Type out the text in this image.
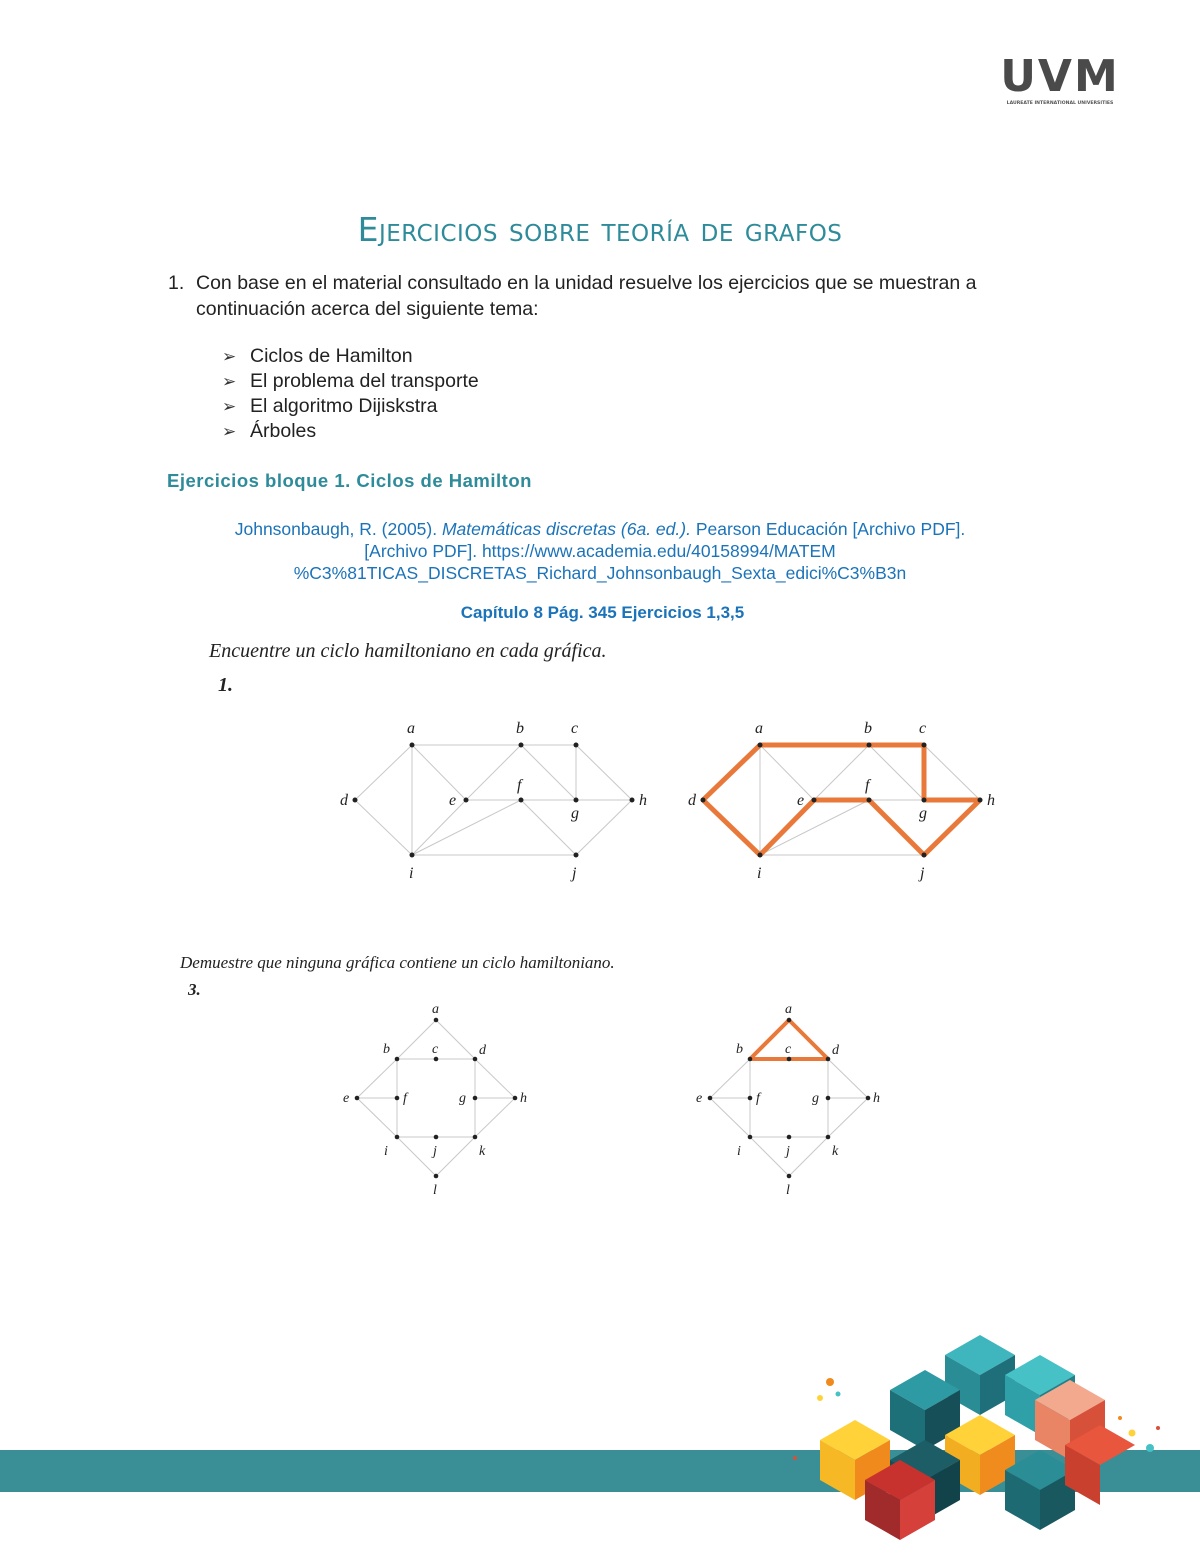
UVM
LAUREATE INTERNATIONAL UNIVERSITIES
Ejercicios sobre teoría de grafos
1. Con base en el material consultado en la unidad resuelve los ejercicios que se muestran a continuación acerca del siguiente tema:
➢ Ciclos de Hamilton
➢ El problema del transporte
➢ El algoritmo Dijiskstra
➢ Árboles
Ejercicios bloque 1. Ciclos de Hamilton
Johnsonbaugh, R. (2005). Matemáticas discretas (6a. ed.). Pearson Educación [Archivo PDF].
[Archivo PDF]. https://www.academia.edu/40158994/MATEM
%C3%81TICAS_DISCRETAS_Richard_Johnsonbaugh_Sexta_edici%C3%B3n
Capítulo 8 Pág. 345 Ejercicios 1,3,5
Encuentre un ciclo hamiltoniano en cada gráfica.
1.
a	b	c
d	e
f
g
h
i	j
a	b	c
d	e
f
g
h
i	j
Demuestre que ninguna gráfica contiene un ciclo hamiltoniano.
3.
a
b	c	d
e	f	g	h
i	j	k
l
a
b	c	d
e	f	g	h
i	j	k
l
